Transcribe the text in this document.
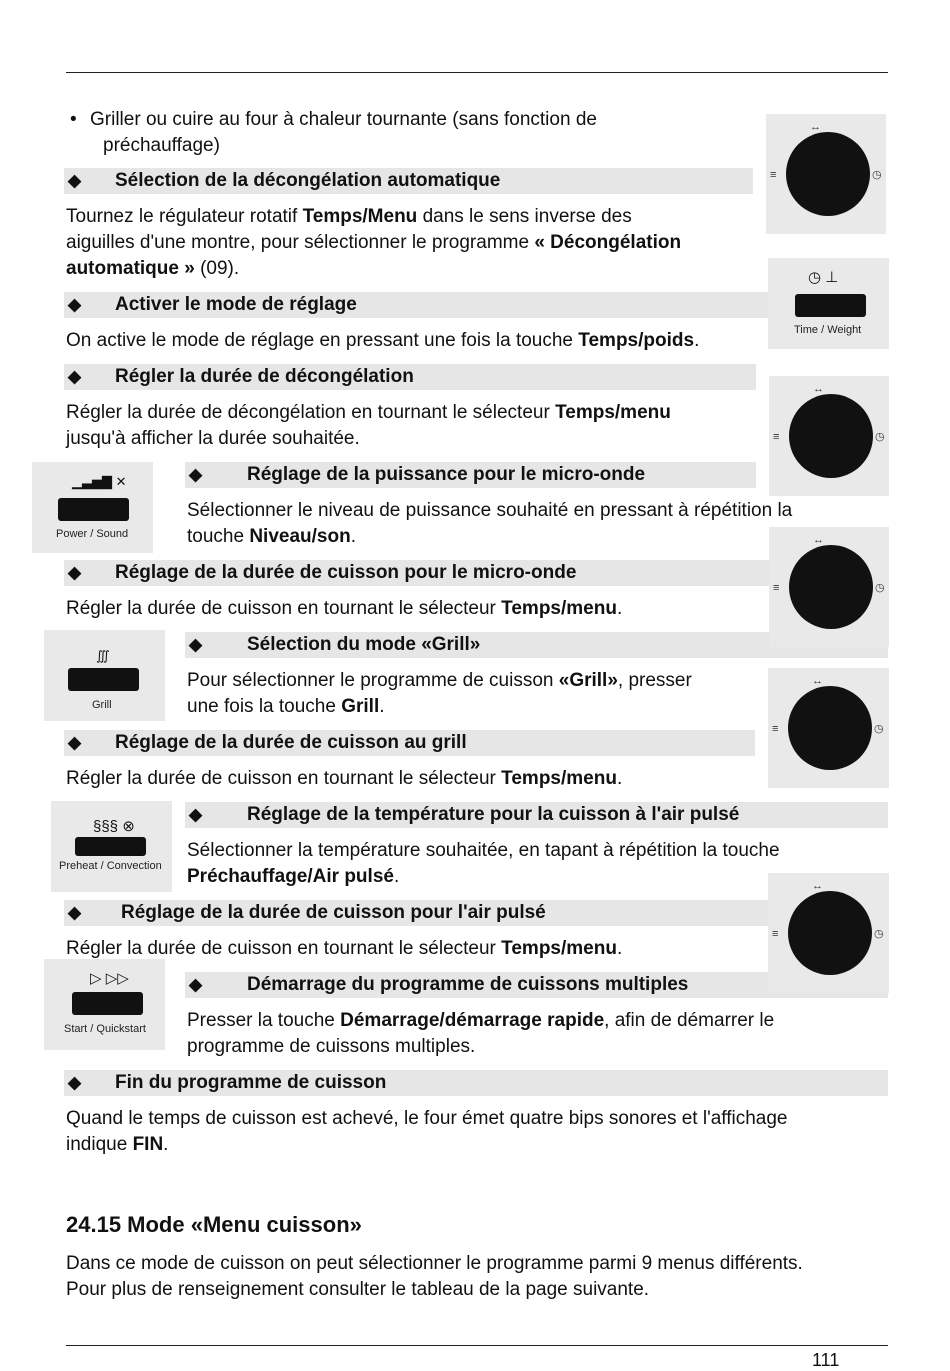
• Griller ou cuire au four à chaleur tournante (sans fonction de
préchauffage)
◆ Sélection de la décongélation automatique
Tournez le régulateur rotatif Temps/Menu dans le sens inverse des
aiguilles d'une montre, pour sélectionner le programme « Décongélation
automatique » (09).
◆ Activer le mode de réglage
On active le mode de réglage en pressant une fois la touche Temps/poids.
◆ Régler la durée de décongélation
Régler la durée de décongélation en tournant le sélecteur Temps/menu
jusqu'à afficher la durée souhaitée.
◆ Réglage de la puissance pour le micro-onde
Sélectionner le niveau de puissance souhaité en pressant à répétition la
touche Niveau/son.
◆ Réglage de la durée de cuisson pour le micro-onde
Régler la durée de cuisson en tournant le sélecteur Temps/menu.
◆ Sélection du mode «Grill»
Pour sélectionner le programme de cuisson «Grill», presser
une fois la touche Grill.
◆ Réglage de la durée de cuisson au grill
Régler la durée de cuisson en tournant le sélecteur Temps/menu.
◆ Réglage de la température pour la cuisson à l'air pulsé
Sélectionner la température souhaitée, en tapant à répétition la touche
Préchauffage/Air pulsé.
◆ Réglage de la durée de cuisson pour l'air pulsé
Régler la durée de cuisson en tournant le sélecteur Temps/menu.
◆ Démarrage du programme de cuissons multiples
Presser la touche Démarrage/démarrage rapide, afin de démarrer le
programme de cuissons multiples.
◆ Fin du programme de cuisson
Quand le temps de cuisson est achevé, le four émet quatre bips sonores et l'affichage
indique FIN.
24.15 Mode «Menu cuisson»
Dans ce mode de cuisson on peut sélectionner le programme parmi 9 menus différents.
Pour plus de renseignement consulter le tableau de la page suivante.
111
↔
≡	◷
◷ ⊥
Time / Weight
↔
≡	◷
↔
≡	◷
↔
≡	◷
↔
≡	◷
▁▃▅▇ ✕
Power / Sound
∭
Grill
§§§ ⊗
Preheat / Convection
▷ ▷▷
Start / Quickstart
